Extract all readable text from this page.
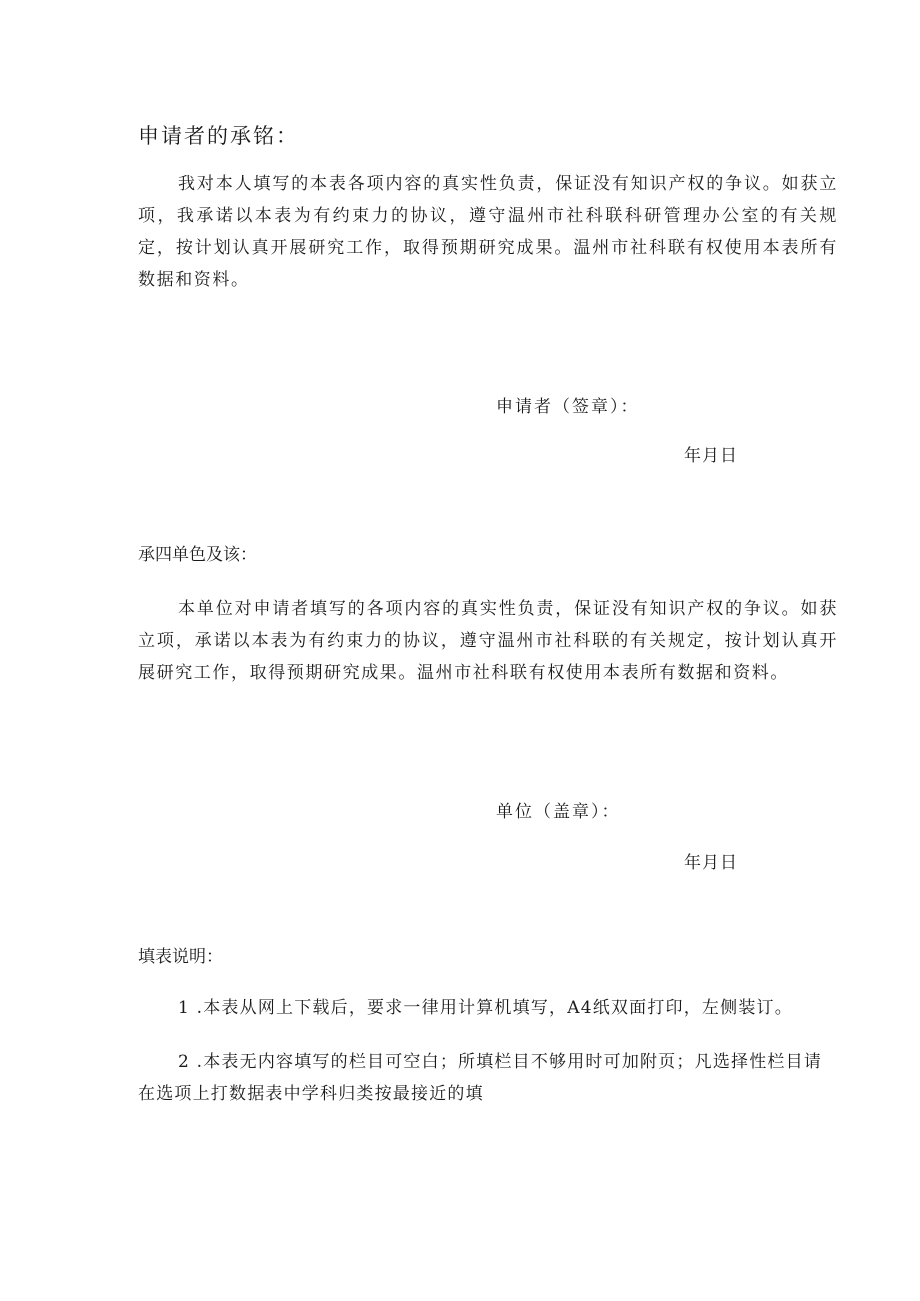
申请者的承铭：

我对本人填写的本表各项内容的真实性负责，保证没有知识产权的争议。如获立项，我承诺以本表为有约束力的协议，遵守温州市社科联科研管理办公室的有关规定，按计划认真开展研究工作，取得预期研究成果。温州市社科联有权使用本表所有数据和资料。

申请者（签章）：
年月日
承四单色及该：

本单位对申请者填写的各项内容的真实性负责，保证没有知识产权的争议。如获立项，承诺以本表为有约束力的协议，遵守温州市社科联的有关规定，按计划认真开展研究工作，取得预期研究成果。温州市社科联有权使用本表所有数据和资料。

单位（盖章）：
年月日
填表说明：

1 .本表从网上下载后，要求一律用计算机填写，A4纸双面打印，左侧装订。

2 .本表无内容填写的栏目可空白；所填栏目不够用时可加附页；凡选择性栏目请在选项上打数据表中学科归类按最接近的填
